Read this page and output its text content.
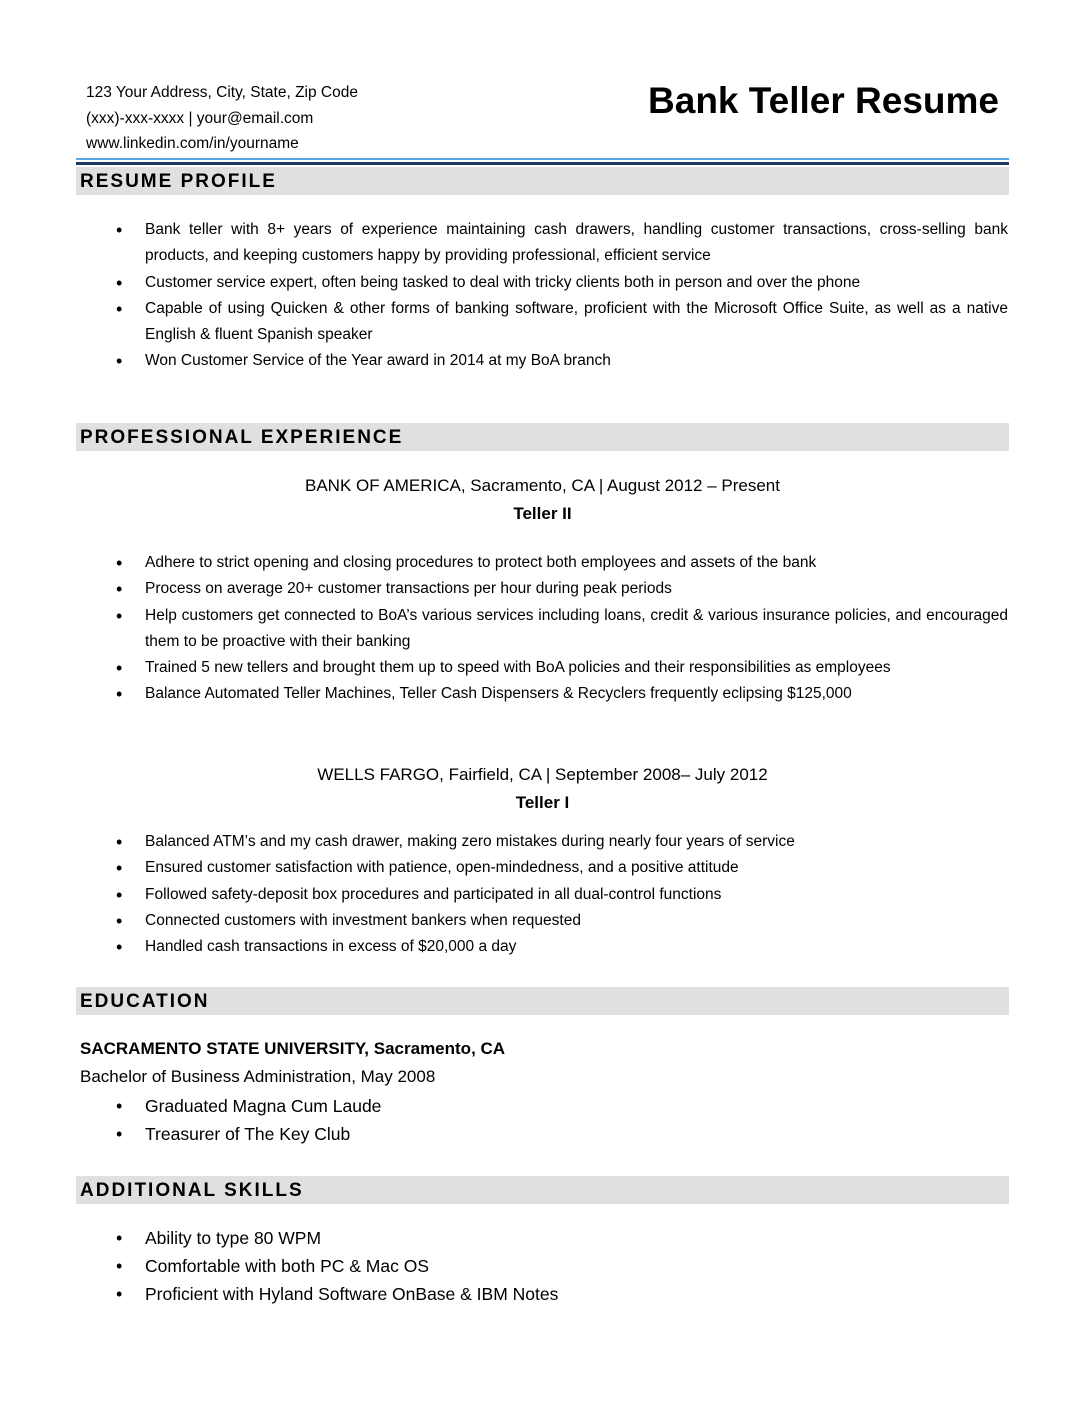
123 Your Address, City, State, Zip Code
(xxx)-xxx-xxxx | your@email.com
www.linkedin.com/in/yourname
Bank Teller Resume
RESUME PROFILE
• Bank teller with 8+ years of experience maintaining cash drawers, handling customer transactions, cross-selling bank products, and keeping customers happy by providing professional, efficient service
• Customer service expert, often being tasked to deal with tricky clients both in person and over the phone
• Capable of using Quicken & other forms of banking software, proficient with the Microsoft Office Suite, as well as a native English & fluent Spanish speaker
• Won Customer Service of the Year award in 2014 at my BoA branch
PROFESSIONAL EXPERIENCE
BANK OF AMERICA, Sacramento, CA | August 2012 – Present
Teller II
• Adhere to strict opening and closing procedures to protect both employees and assets of the bank
• Process on average 20+ customer transactions per hour during peak periods
• Help customers get connected to BoA’s various services including loans, credit & various insurance policies, and encouraged them to be proactive with their banking
• Trained 5 new tellers and brought them up to speed with BoA policies and their responsibilities as employees
• Balance Automated Teller Machines, Teller Cash Dispensers & Recyclers frequently eclipsing $125,000
WELLS FARGO, Fairfield, CA | September 2008– July 2012
Teller I
• Balanced ATM’s and my cash drawer, making zero mistakes during nearly four years of service
• Ensured customer satisfaction with patience, open-mindedness, and a positive attitude
• Followed safety-deposit box procedures and participated in all dual-control functions
• Connected customers with investment bankers when requested
• Handled cash transactions in excess of $20,000 a day
EDUCATION
SACRAMENTO STATE UNIVERSITY, Sacramento, CA
Bachelor of Business Administration, May 2008
• Graduated Magna Cum Laude
• Treasurer of The Key Club
ADDITIONAL SKILLS
• Ability to type 80 WPM
• Comfortable with both PC & Mac OS
• Proficient with Hyland Software OnBase & IBM Notes
